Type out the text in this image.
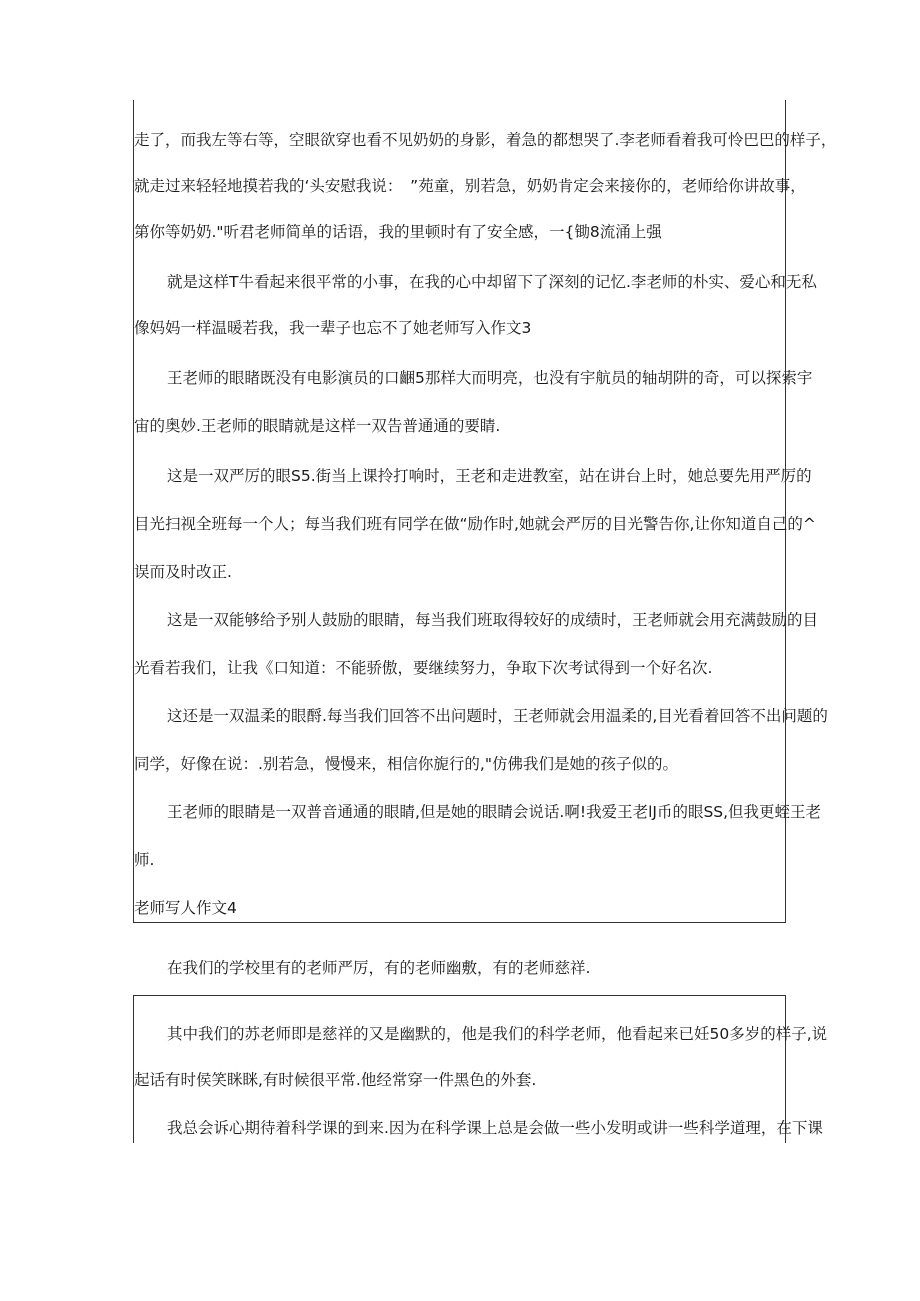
走了，而我左等右等，空眼欲穿也看不见奶奶的身影，着急的都想哭了.李老师看着我可怜巴巴的样子，
就走过来轻轻地摸若我的‘头安慰我说：　”苑童，别若急，奶奶肯定会来接你的，老师给你讲故事，
第你等奶奶."听君老师简单的话语，我的里顿时有了安全感，一{锄8流涌上强
就是这样T牛看起来很平常的小事，在我的心中却留下了深刻的记忆.李老师的朴实、爱心和无私
像妈妈一样温暖若我，我一辈子也忘不了她老师写入作文3
王老师的眼睹既没有电影演员的口齫5那样大而明亮，也没有宇航员的轴胡阱的奇，可以探索宇
宙的奥妙.王老师的眼睛就是这样一双告普通通的要睛.
这是一双严厉的眼S5.街当上课拎打响时，王老和走进教室，站在讲台上时，她总要先用严厉的
目光扫视全班每一个人；每当我们班有同学在做“励作时,她就会严厉的目光警告你,让你知道自己的^
误而及时改正.
这是一双能够给予别人鼓励的眼睛，每当我们班取得较好的成绩时，王老师就会用充满鼓励的目
光看若我们，让我《口知道：不能骄傲，要继续努力，争取下次考试得到一个好名次.
这还是一双温柔的眼酹.每当我们回答不出问题时，王老师就会用温柔的,目光看着回答不出问题的
同学，好像在说：.别若急，慢慢来，相信你旎行的,"仿佛我们是她的孩子似的。
王老师的眼睛是一双普音通通的眼睛,但是她的眼睛会说话.啊!我爱王老lJ币的眼SS,但我更蛭王老
师.
老师写人作文4
在我们的学校里有的老师严厉，有的老师幽敷，有的老师慈祥.
其中我们的苏老师即是慈祥的又是幽默的，他是我们的科学老师，他看起来已妊50多岁的样子,说
起话有时侯笑眯眯,有时候很平常.他经常穿一件黑色的外套.
我总会诉心期待着科学课的到来.因为在科学课上总是会做一些小发明或讲一些科学道理，在下课
